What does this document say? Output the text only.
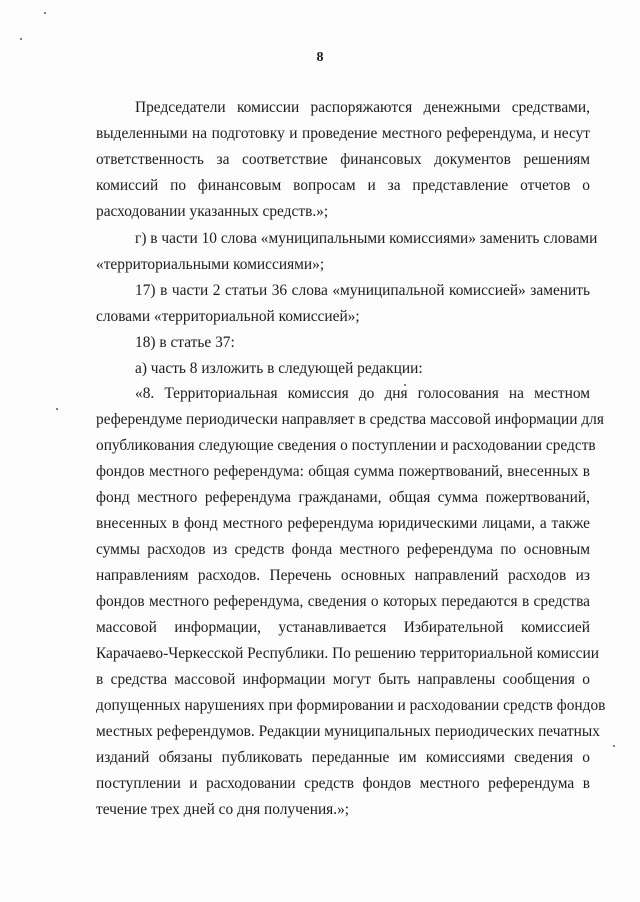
8
Председатели комиссии распоряжаются денежными средствами,
выделенными на подготовку и проведение местного референдума, и несут
ответственность за соответствие финансовых документов решениям
комиссий по финансовым вопросам и за представление отчетов о
расходовании указанных средств.»;
г) в части 10 слова «муниципальными комиссиями» заменить словами
«территориальными комиссиями»;
17) в части 2 статьи 36 слова «муниципальной комиссией» заменить
словами «территориальной комиссией»;
18) в статье 37:
а) часть 8 изложить в следующей редакции:
«8. Территориальная комиссия до дня голосования на местном
референдуме периодически направляет в средства массовой информации для
опубликования следующие сведения о поступлении и расходовании средств
фондов местного референдума: общая сумма пожертвований, внесенных в
фонд местного референдума гражданами, общая сумма пожертвований,
внесенных в фонд местного референдума юридическими лицами, а также
суммы расходов из средств фонда местного референдума по основным
направлениям расходов. Перечень основных направлений расходов из
фондов местного референдума, сведения о которых передаются в средства
массовой информации, устанавливается Избирательной комиссией
Карачаево-Черкесской Республики. По решению территориальной комиссии
в средства массовой информации могут быть направлены сообщения о
допущенных нарушениях при формировании и расходовании средств фондов
местных референдумов. Редакции муниципальных периодических печатных
изданий обязаны публиковать переданные им комиссиями сведения о
поступлении и расходовании средств фондов местного референдума в
течение трех дней со дня получения.»;
